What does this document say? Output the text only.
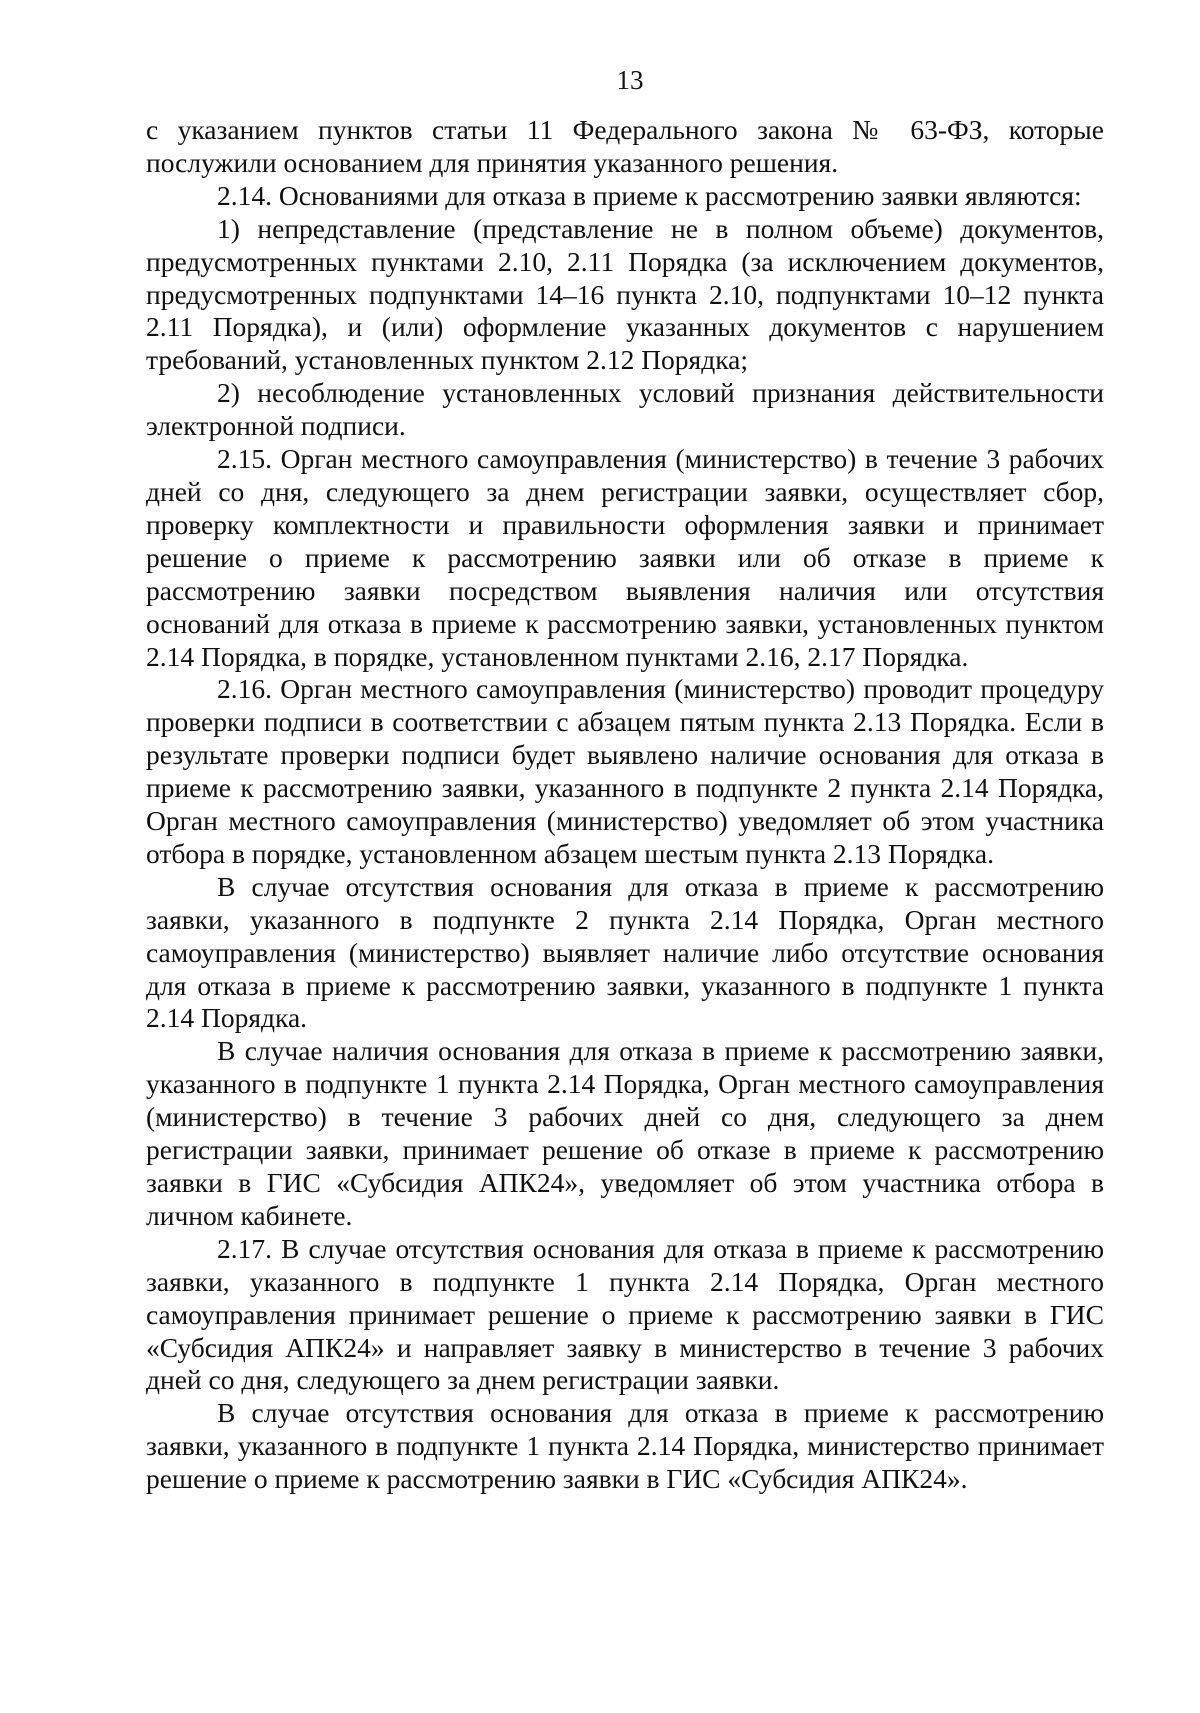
13

с указанием пунктов статьи 11 Федерального закона № 63-ФЗ, которые послужили основанием для принятия указанного решения.

2.14. Основаниями для отказа в приеме к рассмотрению заявки являются:

1) непредставление (представление не в полном объеме) документов, предусмотренных пунктами 2.10, 2.11 Порядка (за исключением документов, предусмотренных подпунктами 14–16 пункта 2.10, подпунктами 10–12 пункта 2.11 Порядка), и (или) оформление указанных документов с нарушением требований, установленных пунктом 2.12 Порядка;

2) несоблюдение установленных условий признания действительности электронной подписи.

2.15. Орган местного самоуправления (министерство) в течение 3 рабочих дней со дня, следующего за днем регистрации заявки, осуществляет сбор, проверку комплектности и правильности оформления заявки и принимает решение о приеме к рассмотрению заявки или об отказе в приеме к рассмотрению заявки посредством выявления наличия или отсутствия оснований для отказа в приеме к рассмотрению заявки, установленных пунктом 2.14 Порядка, в порядке, установленном пунктами 2.16, 2.17 Порядка.

2.16. Орган местного самоуправления (министерство) проводит процедуру проверки подписи в соответствии с абзацем пятым пункта 2.13 Порядка. Если в результате проверки подписи будет выявлено наличие основания для отказа в приеме к рассмотрению заявки, указанного в подпункте 2 пункта 2.14 Порядка, Орган местного самоуправления (министерство) уведомляет об этом участника отбора в порядке, установленном абзацем шестым пункта 2.13 Порядка.

В случае отсутствия основания для отказа в приеме к рассмотрению заявки, указанного в подпункте 2 пункта 2.14 Порядка, Орган местного самоуправления (министерство) выявляет наличие либо отсутствие основания для отказа в приеме к рассмотрению заявки, указанного в подпункте 1 пункта 2.14 Порядка.

В случае наличия основания для отказа в приеме к рассмотрению заявки, указанного в подпункте 1 пункта 2.14 Порядка, Орган местного самоуправления (министерство) в течение 3 рабочих дней со дня, следующего за днем регистрации заявки, принимает решение об отказе в приеме к рассмотрению заявки в ГИС «Субсидия АПК24», уведомляет об этом участника отбора в личном кабинете.

2.17. В случае отсутствия основания для отказа в приеме к рассмотрению заявки, указанного в подпункте 1 пункта 2.14 Порядка, Орган местного самоуправления принимает решение о приеме к рассмотрению заявки в ГИС «Субсидия АПК24» и направляет заявку в министерство в течение 3 рабочих дней со дня, следующего за днем регистрации заявки.

В случае отсутствия основания для отказа в приеме к рассмотрению заявки, указанного в подпункте 1 пункта 2.14 Порядка, министерство принимает решение о приеме к рассмотрению заявки в ГИС «Субсидия АПК24».
